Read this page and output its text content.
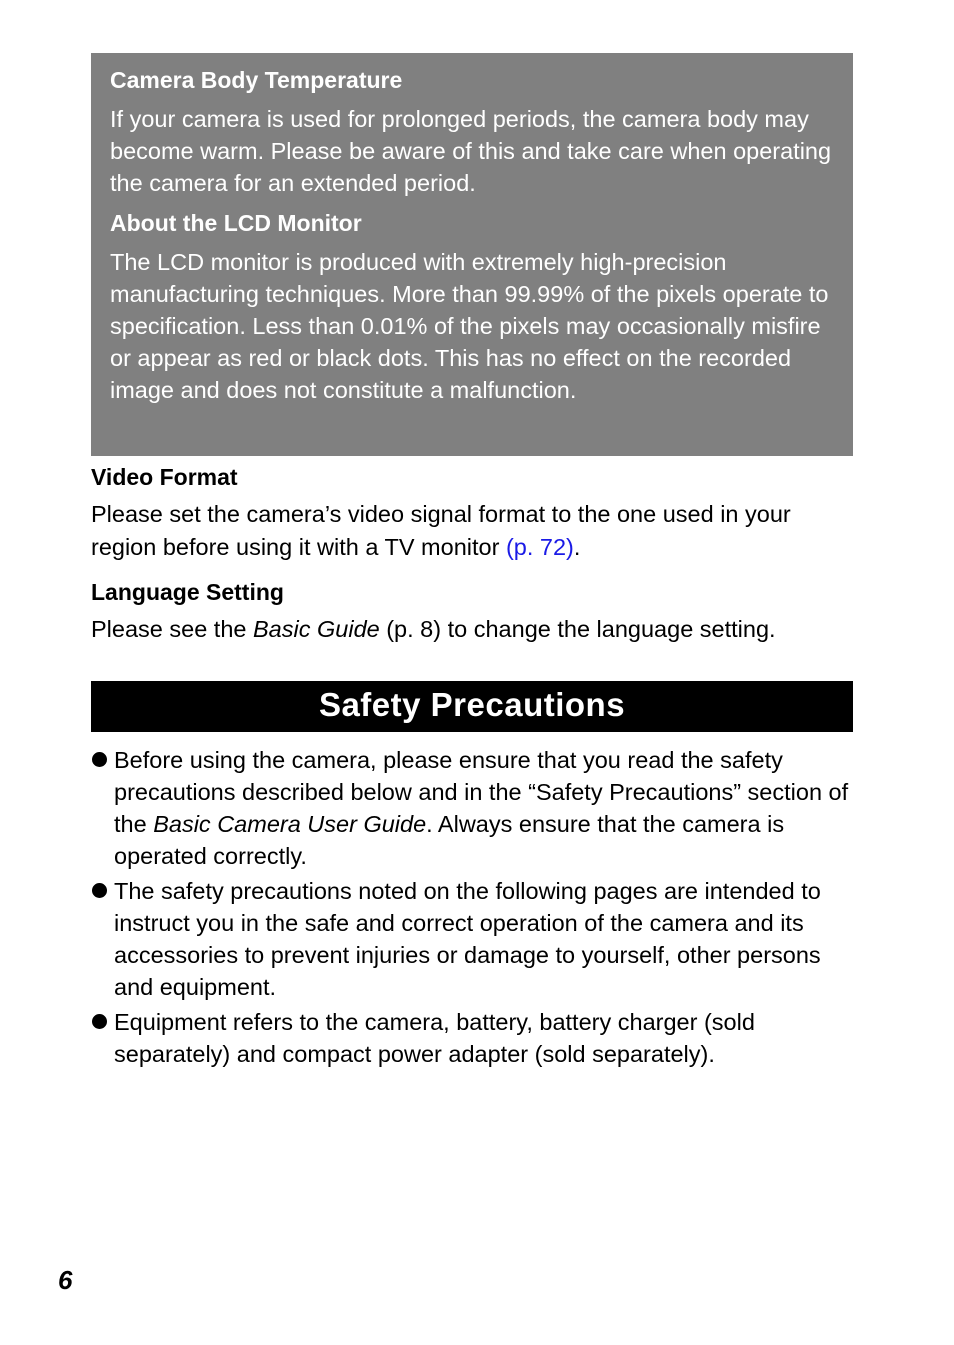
Camera Body Temperature

If your camera is used for prolonged periods, the camera body may become warm. Please be aware of this and take care when operating the camera for an extended period.

About the LCD Monitor

The LCD monitor is produced with extremely high-precision manufacturing techniques. More than 99.99% of the pixels operate to specification. Less than 0.01% of the pixels may occasionally misfire or appear as red or black dots. This has no effect on the recorded image and does not constitute a malfunction.

Video Format

Please set the camera’s video signal format to the one used in your region before using it with a TV monitor (p. 72).

Language Setting

Please see the Basic Guide (p. 8) to change the language setting.

Safety Precautions
Before using the camera, please ensure that you read the safety precautions described below and in the “Safety Precautions” section of the Basic Camera User Guide. Always ensure that the camera is operated correctly.
The safety precautions noted on the following pages are intended to instruct you in the safe and correct operation of the camera and its accessories to prevent injuries or damage to yourself, other persons and equipment.
Equipment refers to the camera, battery, battery charger (sold separately) and compact power adapter (sold separately).
6
